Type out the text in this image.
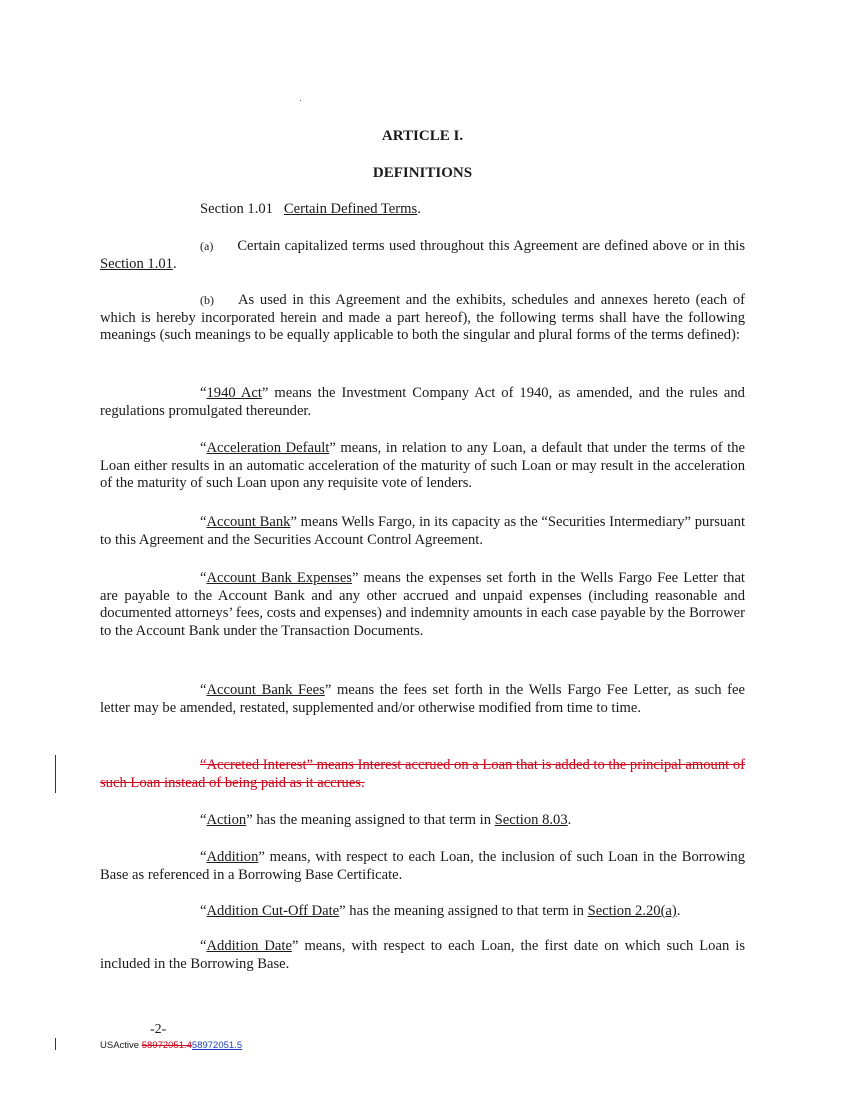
ARTICLE I.
DEFINITIONS

Section 1.01 Certain Defined Terms.

(a) Certain capitalized terms used throughout this Agreement are defined above or in this Section 1.01.

(b) As used in this Agreement and the exhibits, schedules and annexes hereto (each of which is hereby incorporated herein and made a part hereof), the following terms shall have the following meanings (such meanings to be equally applicable to both the singular and plural forms of the terms defined):

“1940 Act” means the Investment Company Act of 1940, as amended, and the rules and regulations promulgated thereunder.

“Acceleration Default” means, in relation to any Loan, a default that under the terms of the Loan either results in an automatic acceleration of the maturity of such Loan or may result in the acceleration of the maturity of such Loan upon any requisite vote of lenders.

“Account Bank” means Wells Fargo, in its capacity as the “Securities Intermediary” pursuant to this Agreement and the Securities Account Control Agreement.

“Account Bank Expenses” means the expenses set forth in the Wells Fargo Fee Letter that are payable to the Account Bank and any other accrued and unpaid expenses (including reasonable and documented attorneys’ fees, costs and expenses) and indemnity amounts in each case payable by the Borrower to the Account Bank under the Transaction Documents.

“Account Bank Fees” means the fees set forth in the Wells Fargo Fee Letter, as such fee letter may be amended, restated, supplemented and/or otherwise modified from time to time.

“Accreted Interest” means Interest accrued on a Loan that is added to the principal amount of such Loan instead of being paid as it accrues.

“Action” has the meaning assigned to that term in Section 8.03.

“Addition” means, with respect to each Loan, the inclusion of such Loan in the Borrowing Base as referenced in a Borrowing Base Certificate.

“Addition Cut-Off Date” has the meaning assigned to that term in Section 2.20(a).

“Addition Date” means, with respect to each Loan, the first date on which such Loan is included in the Borrowing Base.

-2-
USActive 58972051.458972051.5
